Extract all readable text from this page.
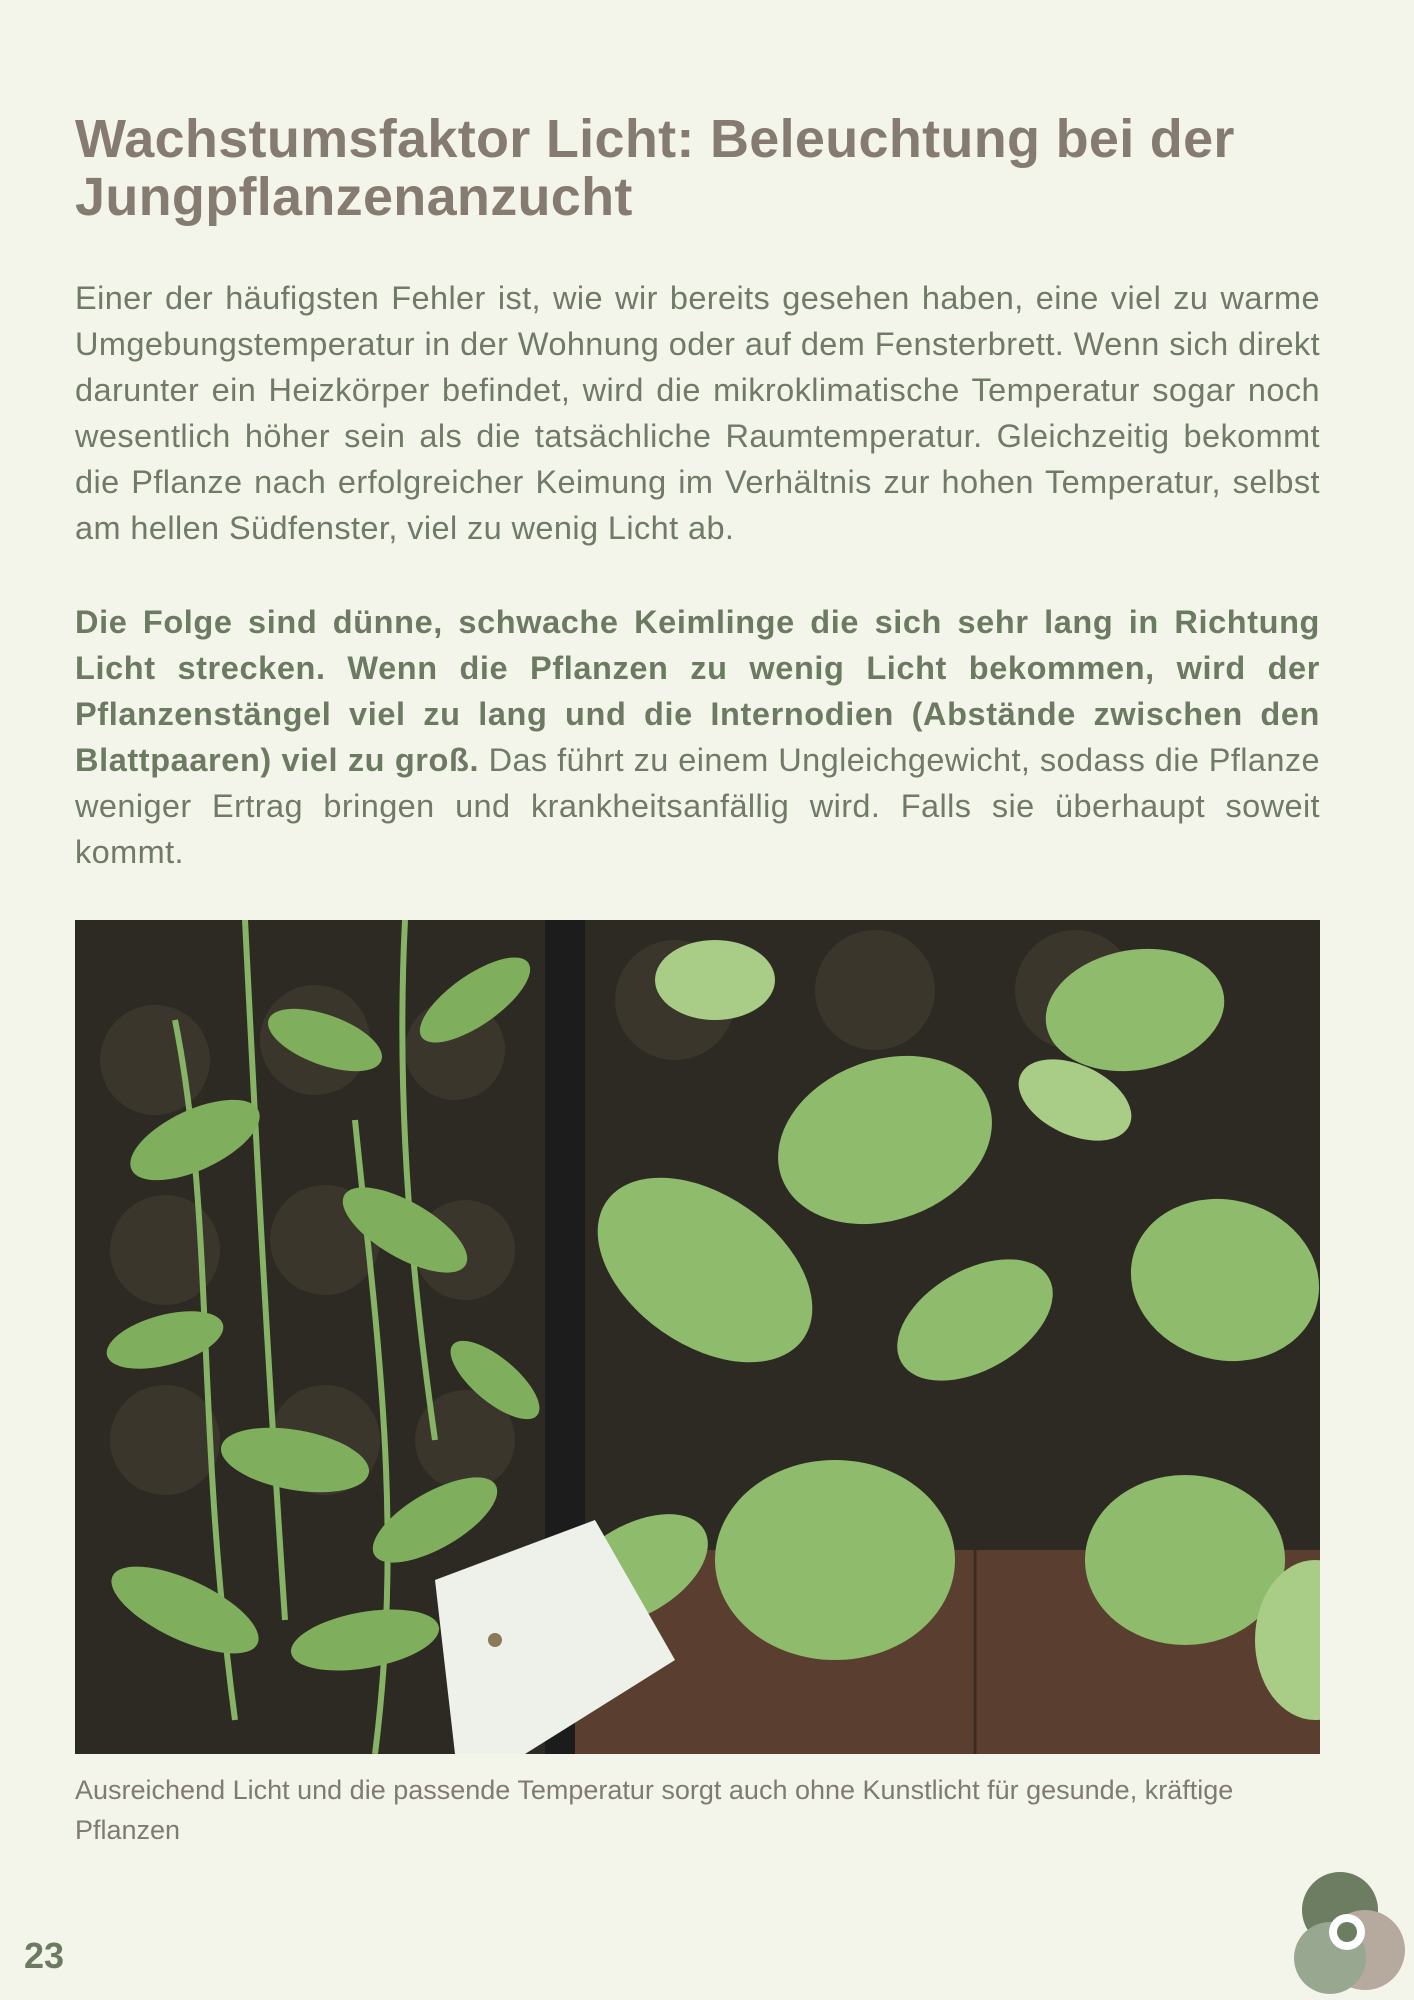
Wachstumsfaktor Licht: Beleuchtung bei der Jungpflanzenanzucht

Einer der häufigsten Fehler ist, wie wir bereits gesehen haben, eine viel zu warme Umgebungstemperatur in der Wohnung oder auf dem Fensterbrett. Wenn sich direkt darunter ein Heizkörper befindet, wird die mikroklimatische Temperatur sogar noch wesentlich höher sein als die tatsächliche Raumtemperatur. Gleichzeitig bekommt die Pflanze nach erfolgreicher Keimung im Verhältnis zur hohen Temperatur, selbst am hellen Südfenster, viel zu wenig Licht ab.

Die Folge sind dünne, schwache Keimlinge die sich sehr lang in Richtung Licht strecken. Wenn die Pflanzen zu wenig Licht bekommen, wird der Pflanzenstängel viel zu lang und die Internodien (Abstände zwischen den Blattpaaren) viel zu groß. Das führt zu einem Ungleichgewicht, sodass die Pflanze weniger Ertrag bringen und krankheitsanfällig wird. Falls sie überhaupt soweit kommt.

Ausreichend Licht und die passende Temperatur sorgt auch ohne Kunstlicht für gesunde, kräftige Pflanzen

23
